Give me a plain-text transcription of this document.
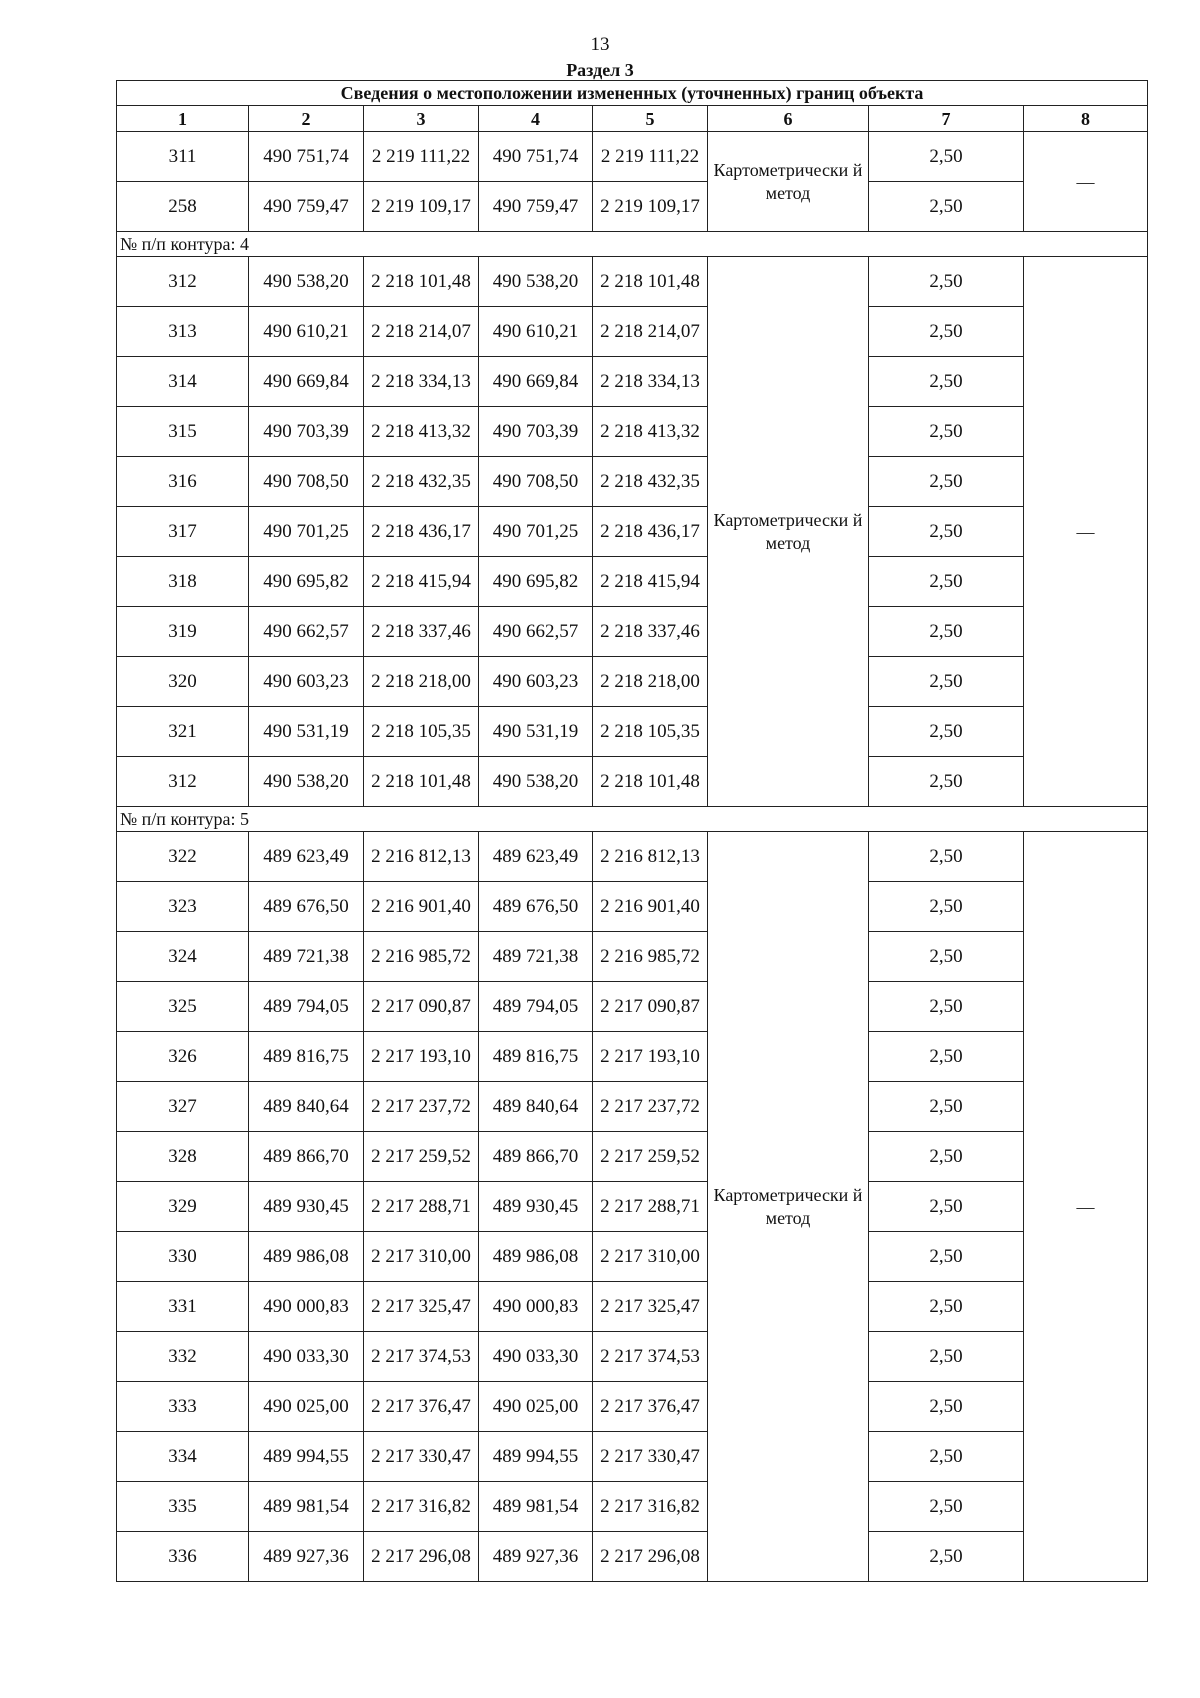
13
Раздел 3
Сведения о местоположении измененных (уточненных) границ объекта							
1	2	3	4	5	6	7	8
311	490 751,74	2 219 111,22	490 751,74	2 219 111,22	Картометрически й метод	2,50	—
258	490 759,47	2 219 109,17	490 759,47	2 219 109,17		2,50	
№ п/п контура: 4							
312	490 538,20	2 218 101,48	490 538,20	2 218 101,48	Картометрически й метод	2,50	—
313	490 610,21	2 218 214,07	490 610,21	2 218 214,07		2,50	
314	490 669,84	2 218 334,13	490 669,84	2 218 334,13		2,50	
315	490 703,39	2 218 413,32	490 703,39	2 218 413,32		2,50	
316	490 708,50	2 218 432,35	490 708,50	2 218 432,35		2,50	
317	490 701,25	2 218 436,17	490 701,25	2 218 436,17		2,50	
318	490 695,82	2 218 415,94	490 695,82	2 218 415,94		2,50	
319	490 662,57	2 218 337,46	490 662,57	2 218 337,46		2,50	
320	490 603,23	2 218 218,00	490 603,23	2 218 218,00		2,50	
321	490 531,19	2 218 105,35	490 531,19	2 218 105,35		2,50	
312	490 538,20	2 218 101,48	490 538,20	2 218 101,48		2,50	
№ п/п контура: 5							
322	489 623,49	2 216 812,13	489 623,49	2 216 812,13	Картометрически й метод	2,50	—
323	489 676,50	2 216 901,40	489 676,50	2 216 901,40		2,50	
324	489 721,38	2 216 985,72	489 721,38	2 216 985,72		2,50	
325	489 794,05	2 217 090,87	489 794,05	2 217 090,87		2,50	
326	489 816,75	2 217 193,10	489 816,75	2 217 193,10		2,50	
327	489 840,64	2 217 237,72	489 840,64	2 217 237,72		2,50	
328	489 866,70	2 217 259,52	489 866,70	2 217 259,52		2,50	
329	489 930,45	2 217 288,71	489 930,45	2 217 288,71		2,50	
330	489 986,08	2 217 310,00	489 986,08	2 217 310,00		2,50	
331	490 000,83	2 217 325,47	490 000,83	2 217 325,47		2,50	
332	490 033,30	2 217 374,53	490 033,30	2 217 374,53		2,50	
333	490 025,00	2 217 376,47	490 025,00	2 217 376,47		2,50	
334	489 994,55	2 217 330,47	489 994,55	2 217 330,47		2,50	
335	489 981,54	2 217 316,82	489 981,54	2 217 316,82		2,50	
336	489 927,36	2 217 296,08	489 927,36	2 217 296,08		2,50	
